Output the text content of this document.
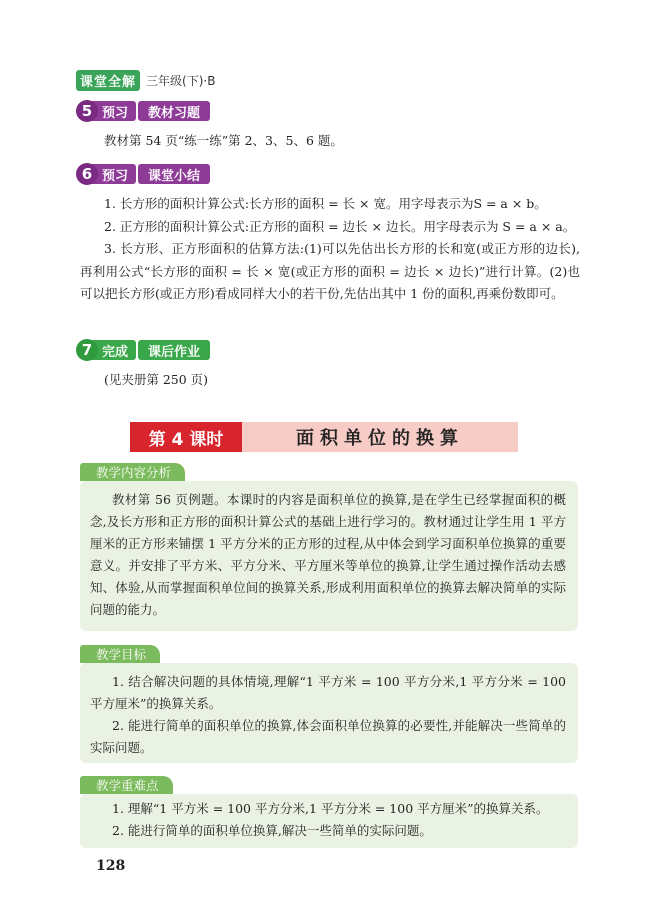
课堂全解 三年级(下)·B
5 预习	教材习题

教材第 54 页“练一练”第 2、3、5、6 题。

6 预习	课堂小结

1. 长方形的面积计算公式:长方形的面积 = 长 × 宽。用字母表示为S = a × b。

2. 正方形的面积计算公式:正方形的面积 = 边长 × 边长。用字母表示为 S = a × a。

3. 长方形、正方形面积的估算方法:(1)可以先估出长方形的长和宽(或正方形的边长),再利用公式“长方形的面积 = 长 × 宽(或正方形的面积 = 边长 × 边长)”进行计算。(2)也可以把长方形(或正方形)看成同样大小的若干份,先估出其中 1 份的面积,再乘份数即可。

7 完成	课后作业

(见夹册第 250 页)

第 4 课时	面积单位的换算
教学内容分析

教材第 56 页例题。本课时的内容是面积单位的换算,是在学生已经掌握面积的概念,及长方形和正方形的面积计算公式的基础上进行学习的。教材通过让学生用 1 平方厘米的正方形来铺摆 1 平方分米的正方形的过程,从中体会到学习面积单位换算的重要意义。并安排了平方米、平方分米、平方厘米等单位的换算,让学生通过操作活动去感知、体验,从而掌握面积单位间的换算关系,形成利用面积单位的换算去解决简单的实际问题的能力。

教学目标

1. 结合解决问题的具体情境,理解“1 平方米 = 100 平方分米,1 平方分米 = 100 平方厘米”的换算关系。

2. 能进行简单的面积单位的换算,体会面积单位换算的必要性,并能解决一些简单的实际问题。

教学重难点

1. 理解“1 平方米 = 100 平方分米,1 平方分米 = 100 平方厘米”的换算关系。

2. 能进行简单的面积单位换算,解决一些简单的实际问题。

128
